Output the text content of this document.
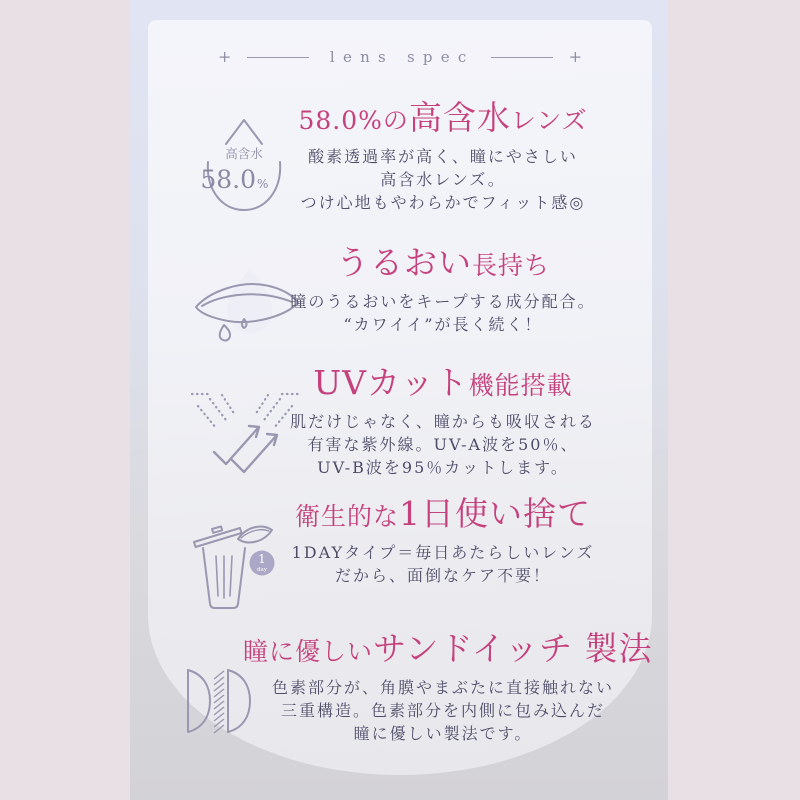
+	lens spec	+
高含水
58.0 %
58.0%の高含水レンズ
酸素透過率が高く、瞳にやさしい
高含水レンズ。
つけ心地もやわらかでフィット感◎
うるおい長持ち
瞳のうるおいをキープする成分配合。
“カワイイ”が長く続く！
UVカット機能搭載
肌だけじゃなく、瞳からも吸収される
有害な紫外線。UV-A波を50％、
UV-B波を95％カットします。
1
day
衛生的な1日使い捨て
1DAYタイプ＝毎日あたらしいレンズ
だから、面倒なケア不要！
瞳に優しいサンドイッチ 製法
色素部分が、角膜やまぶたに直接触れない
三重構造。色素部分を内側に包み込んだ
瞳に優しい製法です。
